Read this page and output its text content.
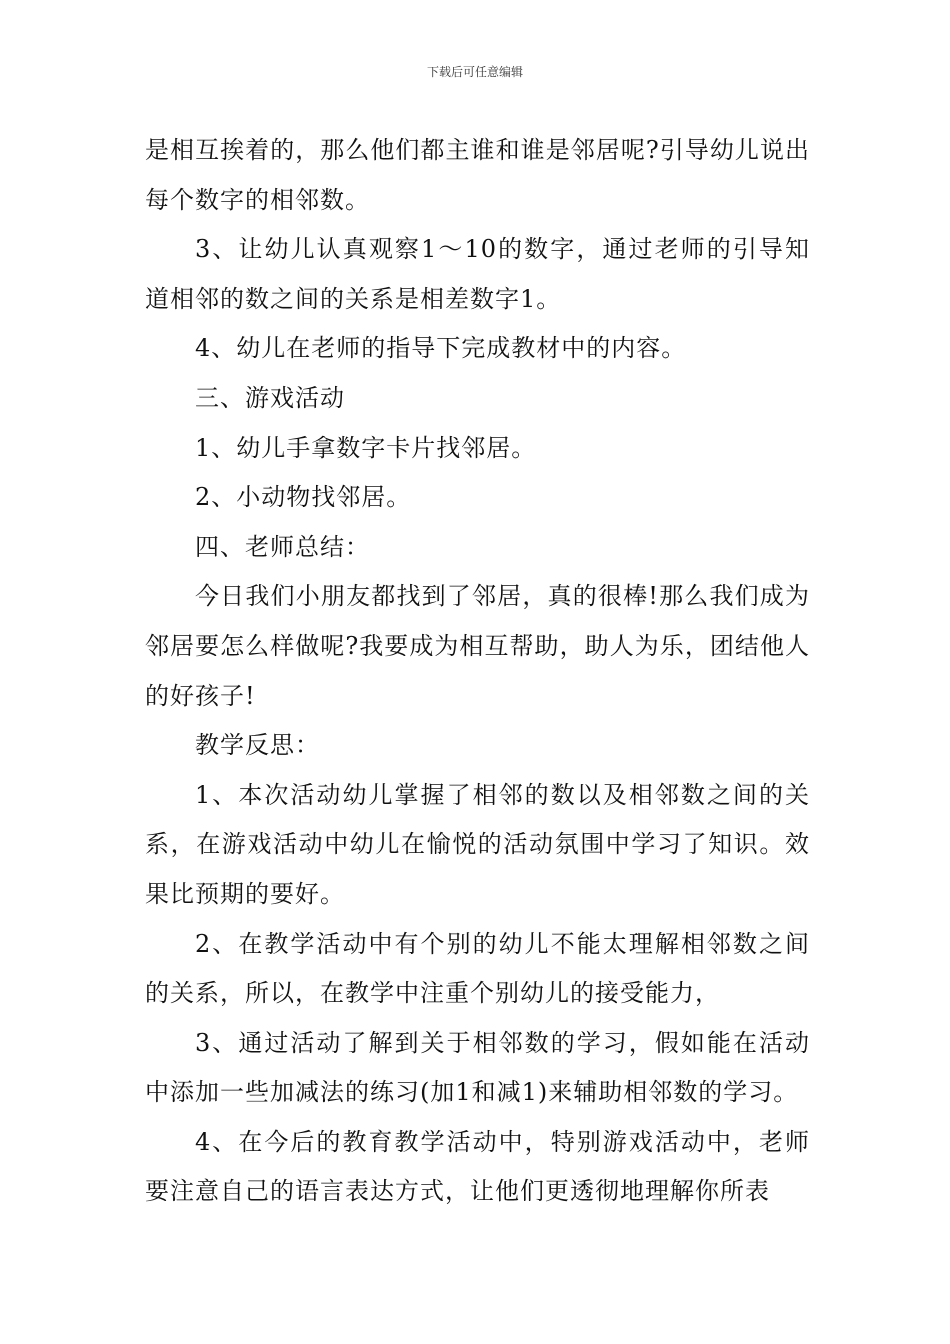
下载后可任意编辑

是相互挨着的，那么他们都主谁和谁是邻居呢?引导幼儿说出每个数字的相邻数。

3、让幼儿认真观察1～10的数字，通过老师的引导知道相邻的数之间的关系是相差数字1。

4、幼儿在老师的指导下完成教材中的内容。

三、游戏活动

1、幼儿手拿数字卡片找邻居。

2、小动物找邻居。

四、老师总结：

今日我们小朋友都找到了邻居，真的很棒!那么我们成为邻居要怎么样做呢?我要成为相互帮助，助人为乐，团结他人的好孩子!

教学反思：

1、本次活动幼儿掌握了相邻的数以及相邻数之间的关系，在游戏活动中幼儿在愉悦的活动氛围中学习了知识。效果比预期的要好。

2、在教学活动中有个别的幼儿不能太理解相邻数之间的关系，所以，在教学中注重个别幼儿的接受能力，

3、通过活动了解到关于相邻数的学习，假如能在活动中添加一些加减法的练习(加1和减1)来辅助相邻数的学习。

4、在今后的教育教学活动中，特别游戏活动中，老师要注意自己的语言表达方式，让他们更透彻地理解你所表
